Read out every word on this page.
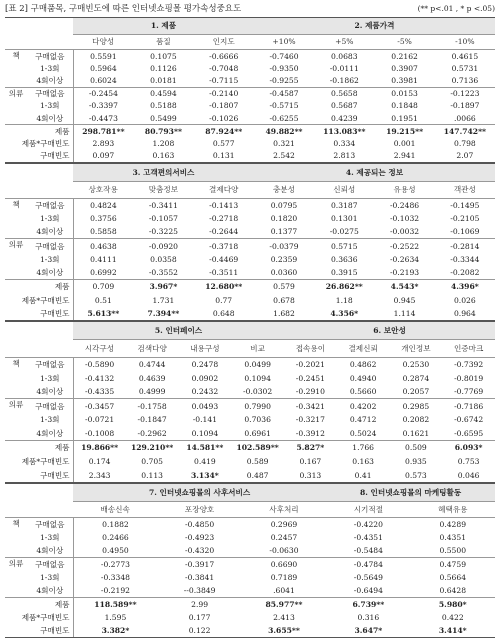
[표 2] 구매품목, 구매빈도에 따른 인터넷쇼핑몰 평가속성중요도	(** p<.01 , * p <.05)
		1. 제품			2. 제품가격			
		다양성	품질	인지도	+10%	+5%	-5%	-10%
책	구매없음	0.5591	0.1075	-0.6666	-0.7460	0.0683	0.2162	0.4615
	1-3회	0.5964	0.1126	-0.7048	-0.9350	-0.0111	0.3907	0.5731
	4회이상	0.6024	0.0181	-0.7115	-0.9255	-0.1862	0.3981	0.7136
의류	구매없음	-0.2454	0.4594	-0.2140	-0.4587	0.5658	0.0153	-0.1223
	1-3회	-0.3397	0.5188	-0.1807	-0.5715	0.5687	0.1848	-0.1897
	4회이상	-0.4473	0.5499	-0.1026	-0.6255	0.4239	0.1951	.0066
제품		298.781**	80.793**	87.924**	49.882**	113.083**	19.215**	147.742**
제품*구매빈도		2.893	1.208	0.577	0.321	0.334	0.001	0.798
구매빈도		0.097	0.163	0.131	2.542	2.813	2.941	2.07
		3. 고객편의서비스			4. 제공되는 정보			
		상호작용	맞춤정보	결제다양	충분성	신뢰성	유용성	객관성
책	구매없음	0.4824	-0.3411	-0.1413	0.0795	0.3187	-0.2486	-0.1495
	1-3회	0.3756	-0.1057	-0.2718	0.1820	0.1301	-0.1032	-0.2105
	4회이상	0.5858	-0.3225	-0.2644	0.1377	-0.0275	-0.0032	-0.1069
의류	구매없음	0.4638	-0.0920	-0.3718	-0.0379	0.5715	-0.2522	-0.2814
	1-3회	0.4111	0.0358	-0.4469	0.2359	0.3636	-0.2634	-0.3344
	4회이상	0.6992	-0.3552	-0.3511	0.0360	0.3915	-0.2193	-0.2082
제품		0.709	3.967*	12.680**	0.579	26.862**	4.543*	4.396*
제품*구매빈도		0.51	1.731	0.77	0.678	1.18	0.945	0.026
구매빈도		5.613**	7.394**	0.648	1.682	4.356*	1.114	0.964
		5. 인터페이스				6. 보안성			
		시각구성	검색다양	내용구성	비교	접속용이	결제신뢰	개인정보	인증마크
책	구매없음	-0.5890	0.4744	0.2478	0.0499	-0.2021	0.4862	0.2530	-0.7392
	1-3회	-0.4132	0.4639	0.0902	0.1094	-0.2451	0.4940	0.2874	-0.8019
	4회이상	-0.4335	0.4999	0.2432	-0.0302	-0.2910	0.5660	0.2057	-0.7769
의류	구매없음	-0.3457	-0.1758	0.0493	0.7990	-0.3421	0.4202	0.2985	-0.7186
	1-3회	-0.0721	-0.1847	-0.141	0.7036	-0.3217	0.4712	0.2082	-0.6742
	4회이상	-0.1008	-0.2962	0.1094	0.6961	-0.3912	0.5024	0.1621	-0.6595
제품		19.866**	129.210**	14.581**	102.589**	5.827*	1.766	0.509	6.093*
제품*구매빈도		0.174	0.705	0.419	0.589	0.167	0.163	0.935	0.753
구매빈도		2.343	0.113	3.134*	0.487	0.313	0.41	0.573	0.046
		7. 인터넷쇼핑몰의 사후서비스			8. 인터넷쇼핑몰의 마케팅활동	
		배송신속	포장양호	사후처리	시기적절	혜택유용
책	구매없음	0.1882	-0.4850	0.2969	-0.4220	0.4289
	1-3회	0.2466	-0.4923	0.2457	-0.4351	0.4351
	4회이상	0.4950	-0.4320	-0.0630	-0.5484	0.5500
의류	구매없음	-0.2773	-0.3917	0.6690	-0.4784	0.4759
	1-3회	-0.3348	-0.3841	0.7189	-0.5649	0.5664
	4회이상	-0.2192	--0.3849	.6041	-0.6494	0.6428
제품		118.589**	2.99	85.977**	6.739**	5.980*
제품*구매빈도		1.595	0.177	2.413	0.316	0.422
구매빈도		3.382*	0.122	3.655**	3.647*	3.414*
